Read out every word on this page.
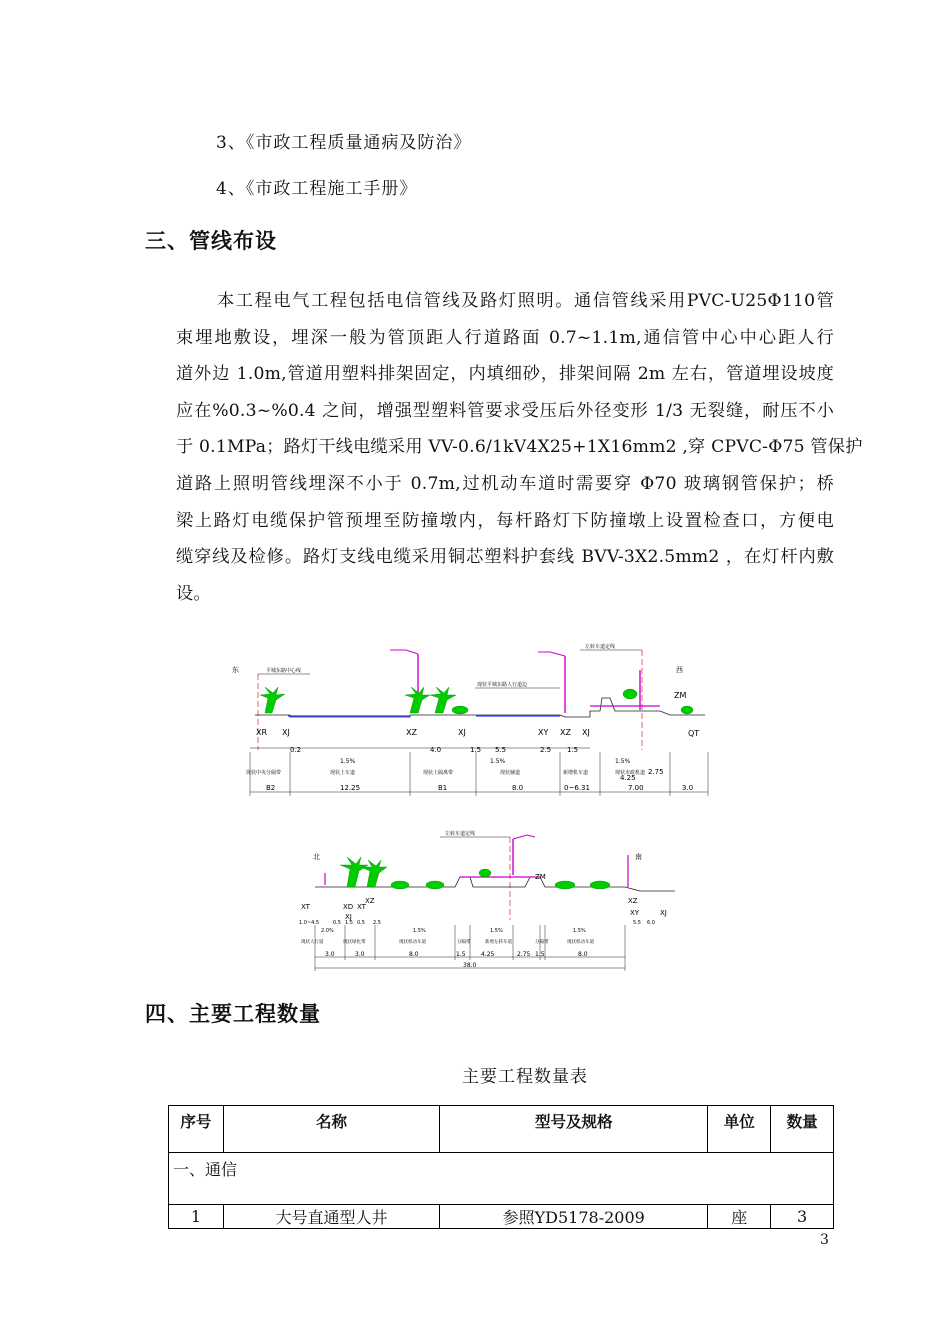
3、《市政工程质量通病及防治》
4、《市政工程施工手册》
三、管线布设
本工程电气工程包括电信管线及路灯照明。通信管线采用PVC-U25Φ110管
束埋地敷设，埋深一般为管顶距人行道路面 0.7~1.1m,通信管中心中心距人行
道外边 1.0m,管道用塑料排架固定，内填细砂，排架间隔 2m 左右，管道埋设坡度
应在%0.3~%0.4 之间，增强型塑料管要求受压后外径变形 1/3 无裂缝，耐压不小
于 0.1MPa；路灯干线电缆采用 VV-0.6/1kV4X25+1X16mm2 ,穿 CPVC-Φ75 管保护
道路上照明管线埋深不小于 0.7m,过机动车道时需要穿 Φ70 玻璃钢管保护；桥
梁上路灯电缆保护管预埋至防撞墩内，每杆路灯下防撞墩上设置检查口，方便电
缆穿线及检修。路灯支线电缆采用铜芯塑料护套线 BVV-3X2.5mm2 ，在灯杆内敷
设。
东	西
平城东路中心线
现状平城东路人行道边
左转车道定线
XR XJ	XZ	XJ	XY XZ XJ
ZM
QT
0.2	4.0	1.5 5.5	2.5 1.5
1.5%	1.5%	1.5%
现状中央分隔带	现状上车道	现状上隔离带	现状辅道	新增机车道	现状市政机道
4.25
2.75
B2	12.25	B1	8.0	0~6.31	7.00	3.0
北	南
左转车道定线
XT	XD XT
XZ
XJ
ZM
XZ
XY	XJ
1.0~4.5	0.5 1.5 0.5 2.5	5.5 6.0
2.0%	1.5%	1.5%	1.5%
现状人行道	现状绿化带	现状机动车道	分隔带	新增左转车道	分隔带	现状机动车道
3.0	3.0	8.0	1.5	4.25	2.75 1.5	8.0
38.0
四、主要工程数量
主要工程数量表
序号	名称	型号及规格	单位	数量
一、通信				
1	大号直通型人井	参照YD5178-2009	座	3
3
